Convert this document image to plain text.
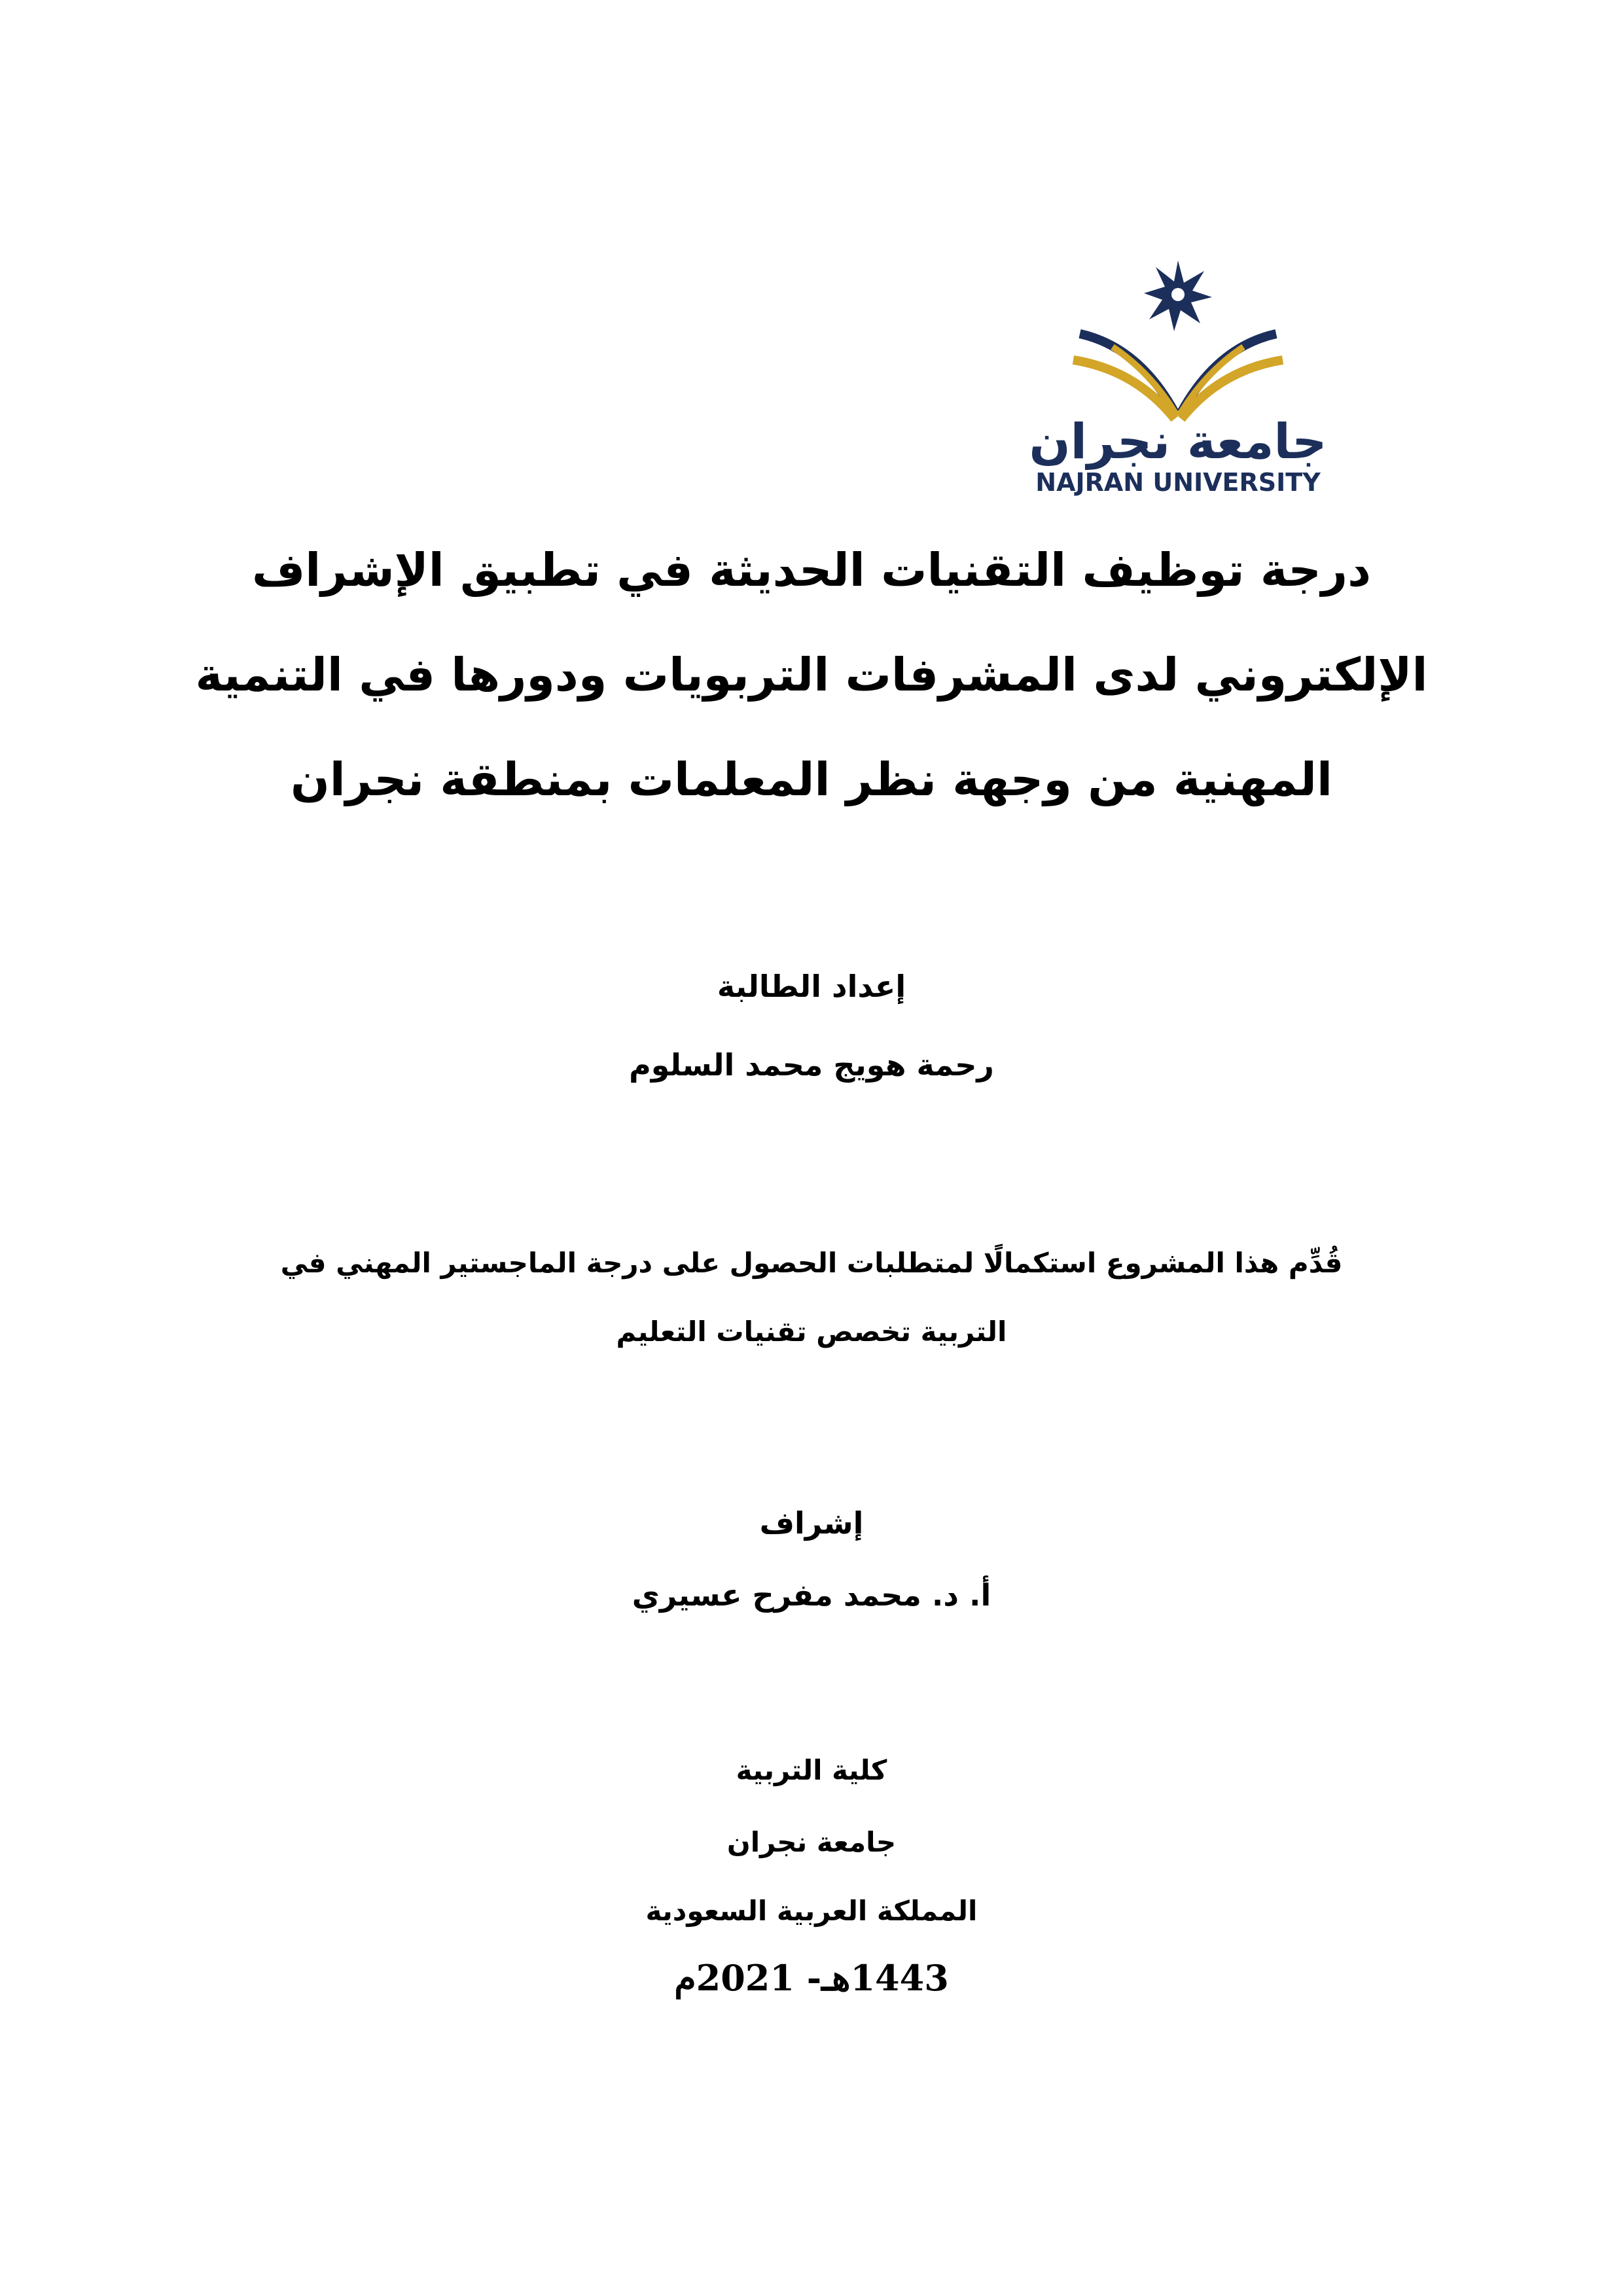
جامعة نجران
NAJRAN UNIVERSITY
درجة توظيف التقنيات الحديثة في تطبيق الإشراف
الإلكتروني لدى المشرفات التربويات ودورها في التنمية
المهنية من وجهة نظر المعلمات بمنطقة نجران
إعداد الطالبة
رحمة هويج محمد السلوم
قُدِّم هذا المشروع استكمالًا لمتطلبات الحصول على درجة الماجستير المهني في
التربية تخصص تقنيات التعليم
إشراف
أ. د. محمد مفرح عسيري
كلية التربية
جامعة نجران
المملكة العربية السعودية
1443هـ- 2021م
